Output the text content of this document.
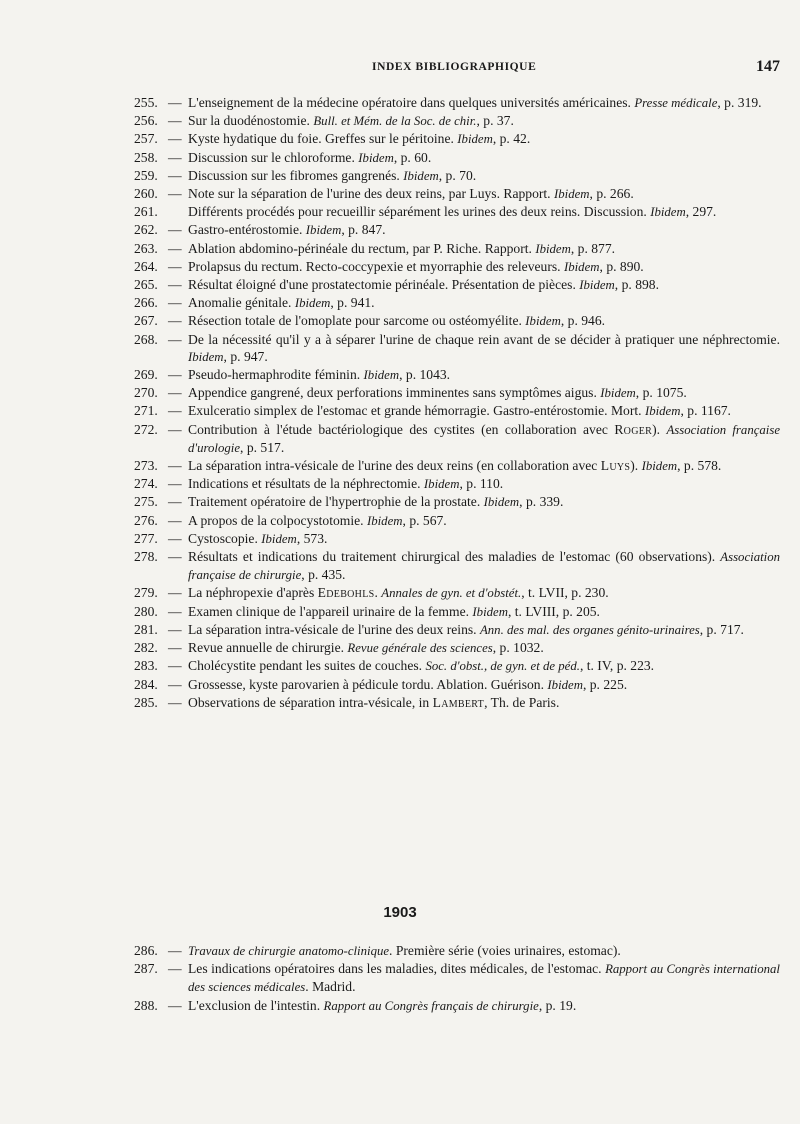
INDEX BIBLIOGRAPHIQUE	147
255. — L'enseignement de la médecine opératoire dans quelques universités américaines. Presse médicale, p. 319.
256. — Sur la duodénostomie. Bull. et Mém. de la Soc. de chir., p. 37.
257. — Kyste hydatique du foie. Greffes sur le péritoine. Ibidem, p. 42.
258. — Discussion sur le chloroforme. Ibidem, p. 60.
259. — Discussion sur les fibromes gangrenés. Ibidem, p. 70.
260. — Note sur la séparation de l'urine des deux reins, par Luys. Rapport. Ibidem, p. 266.
261.	Différents procédés pour recueillir séparément les urines des deux reins. Discussion. Ibidem, 297.
262. — Gastro-entérostomie. Ibidem, p. 847.
263. — Ablation abdomino-périnéale du rectum, par P. Riche. Rapport. Ibidem, p. 877.
264. — Prolapsus du rectum. Recto-coccypexie et myorraphie des releveurs. Ibidem, p. 890.
265. — Résultat éloigné d'une prostatectomie périnéale. Présentation de pièces. Ibidem, p. 898.
266. — Anomalie génitale. Ibidem, p. 941.
267. — Résection totale de l'omoplate pour sarcome ou ostéomyélite. Ibidem, p. 946.
268. — De la nécessité qu'il y a à séparer l'urine de chaque rein avant de se décider à pratiquer une néphrectomie. Ibidem, p. 947.
269. — Pseudo-hermaphrodite féminin. Ibidem, p. 1043.
270. — Appendice gangrené, deux perforations imminentes sans symptômes aigus. Ibidem, p. 1075.
271. — Exulceratio simplex de l'estomac et grande hémorragie. Gastro-entérostomie. Mort. Ibidem, p. 1167.
272. — Contribution à l'étude bactériologique des cystites (en collaboration avec Roger). Association française d'urologie, p. 517.
273. — La séparation intra-vésicale de l'urine des deux reins (en collaboration avec Luys). Ibidem, p. 578.
274. — Indications et résultats de la néphrectomie. Ibidem, p. 110.
275. — Traitement opératoire de l'hypertrophie de la prostate. Ibidem, p. 339.
276. — A propos de la colpocystotomie. Ibidem, p. 567.
277. — Cystoscopie. Ibidem, 573.
278. — Résultats et indications du traitement chirurgical des maladies de l'estomac (60 observations). Association française de chirurgie, p. 435.
279. — La néphropexie d'après Edebohls. Annales de gyn. et d'obstét., t. LVII, p. 230.
280. — Examen clinique de l'appareil urinaire de la femme. Ibidem, t. LVIII, p. 205.
281. — La séparation intra-vésicale de l'urine des deux reins. Ann. des mal. des organes génito-urinaires, p. 717.
282. — Revue annuelle de chirurgie. Revue générale des sciences, p. 1032.
283. — Cholécystite pendant les suites de couches. Soc. d'obst., de gyn. et de péd., t. IV, p. 223.
284. — Grossesse, kyste parovarien à pédicule tordu. Ablation. Guérison. Ibidem, p. 225.
285. — Observations de séparation intra-vésicale, in Lambert, Th. de Paris.
1903
286. — Travaux de chirurgie anatomo-clinique. Première série (voies urinaires, estomac).
287. — Les indications opératoires dans les maladies, dites médicales, de l'estomac. Rapport au Congrès international des sciences médicales. Madrid.
288. — L'exclusion de l'intestin. Rapport au Congrès français de chirurgie, p. 19.
